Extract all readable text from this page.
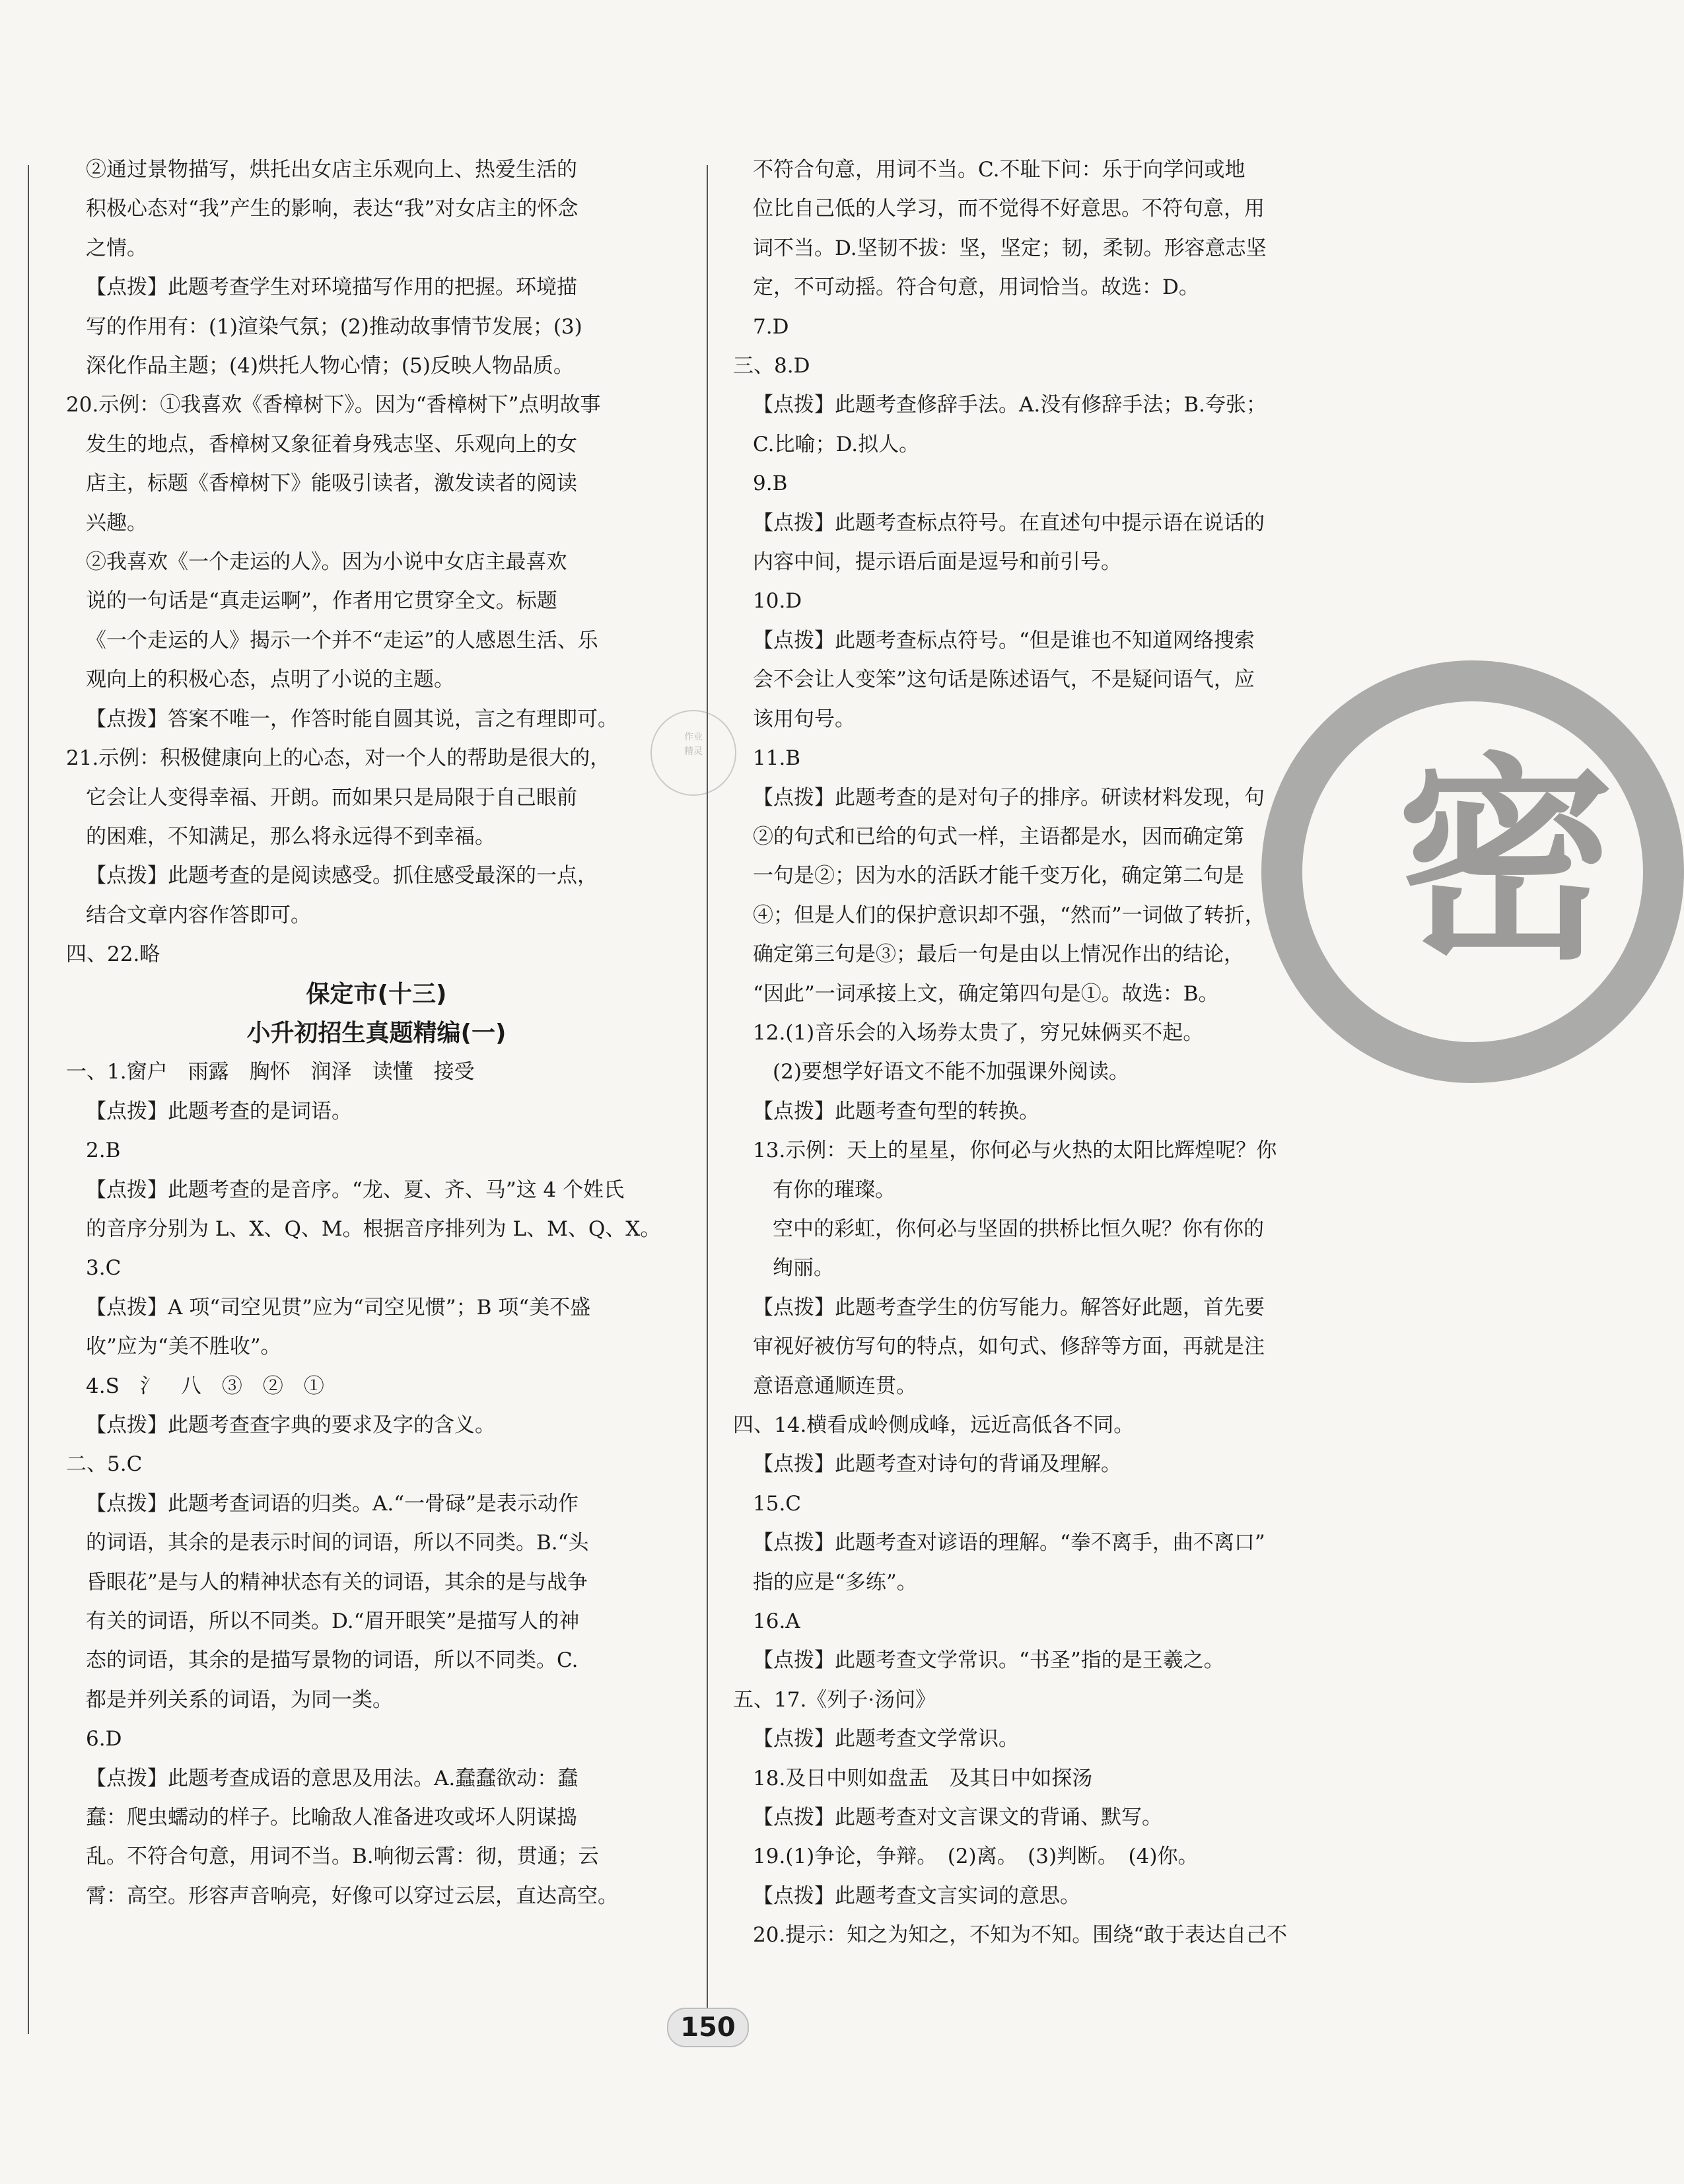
②通过景物描写，烘托出女店主乐观向上、热爱生活的
积极心态对“我”产生的影响，表达“我”对女店主的怀念
之情。
【点拨】此题考查学生对环境描写作用的把握。环境描
写的作用有：(1)渲染气氛；(2)推动故事情节发展；(3)
深化作品主题；(4)烘托人物心情；(5)反映人物品质。
20.示例：①我喜欢《香樟树下》。因为“香樟树下”点明故事
发生的地点，香樟树又象征着身残志坚、乐观向上的女
店主，标题《香樟树下》能吸引读者，激发读者的阅读
兴趣。
②我喜欢《一个走运的人》。因为小说中女店主最喜欢
说的一句话是“真走运啊”，作者用它贯穿全文。标题
《一个走运的人》揭示一个并不“走运”的人感恩生活、乐
观向上的积极心态，点明了小说的主题。
【点拨】答案不唯一，作答时能自圆其说，言之有理即可。
21.示例：积极健康向上的心态，对一个人的帮助是很大的，
它会让人变得幸福、开朗。而如果只是局限于自己眼前
的困难，不知满足，那么将永远得不到幸福。
【点拨】此题考查的是阅读感受。抓住感受最深的一点，
结合文章内容作答即可。
四、22.略
保定市(十三)
小升初招生真题精编(一)
一、1.窗户　雨露　胸怀　润泽　读懂　接受
【点拨】此题考查的是词语。
2.B
【点拨】此题考查的是音序。“龙、夏、齐、马”这 4 个姓氏
的音序分别为 L、X、Q、M。根据音序排列为 L、M、Q、X。
3.C
【点拨】A 项“司空见贯”应为“司空见惯”；B 项“美不盛
收”应为“美不胜收”。
4.S　氵　八　③　②　①
【点拨】此题考查查字典的要求及字的含义。
二、5.C
【点拨】此题考查词语的归类。A.“一骨碌”是表示动作
的词语，其余的是表示时间的词语，所以不同类。B.“头
昏眼花”是与人的精神状态有关的词语，其余的是与战争
有关的词语，所以不同类。D.“眉开眼笑”是描写人的神
态的词语，其余的是描写景物的词语，所以不同类。C.
都是并列关系的词语，为同一类。
6.D
【点拨】此题考查成语的意思及用法。A.蠢蠢欲动：蠢
蠢：爬虫蠕动的样子。比喻敌人准备进攻或坏人阴谋捣
乱。不符合句意，用词不当。B.响彻云霄：彻，贯通；云
霄：高空。形容声音响亮，好像可以穿过云层，直达高空。
不符合句意，用词不当。C.不耻下问：乐于向学问或地
位比自己低的人学习，而不觉得不好意思。不符句意，用
词不当。D.坚韧不拔：坚，坚定；韧，柔韧。形容意志坚
定，不可动摇。符合句意，用词恰当。故选：D。
7.D
三、8.D
【点拨】此题考查修辞手法。A.没有修辞手法；B.夸张；
C.比喻；D.拟人。
9.B
【点拨】此题考查标点符号。在直述句中提示语在说话的
内容中间，提示语后面是逗号和前引号。
10.D
【点拨】此题考查标点符号。“但是谁也不知道网络搜索
会不会让人变笨”这句话是陈述语气，不是疑问语气，应
该用句号。
11.B
【点拨】此题考查的是对句子的排序。研读材料发现，句
②的句式和已给的句式一样，主语都是水，因而确定第
一句是②；因为水的活跃才能千变万化，确定第二句是
④；但是人们的保护意识却不强，“然而”一词做了转折，
确定第三句是③；最后一句是由以上情况作出的结论，
“因此”一词承接上文，确定第四句是①。故选：B。
12.(1)音乐会的入场券太贵了，穷兄妹俩买不起。
(2)要想学好语文不能不加强课外阅读。
【点拨】此题考查句型的转换。
13.示例：天上的星星，你何必与火热的太阳比辉煌呢？你
有你的璀璨。
空中的彩虹，你何必与坚固的拱桥比恒久呢？你有你的
绚丽。
【点拨】此题考查学生的仿写能力。解答好此题，首先要
审视好被仿写句的特点，如句式、修辞等方面，再就是注
意语意通顺连贯。
四、14.横看成岭侧成峰，远近高低各不同。
【点拨】此题考查对诗句的背诵及理解。
15.C
【点拨】此题考查对谚语的理解。“拳不离手，曲不离口”
指的应是“多练”。
16.A
【点拨】此题考查文学常识。“书圣”指的是王羲之。
五、17.《列子·汤问》
【点拨】此题考查文学常识。
18.及日中则如盘盂　及其日中如探汤
【点拨】此题考查对文言课文的背诵、默写。
19.(1)争论，争辩。　(2)离。　(3)判断。　(4)你。
【点拨】此题考查文言实词的意思。
20.提示：知之为知之，不知为不知。围绕“敢于表达自己不
密
作业
精灵
150
